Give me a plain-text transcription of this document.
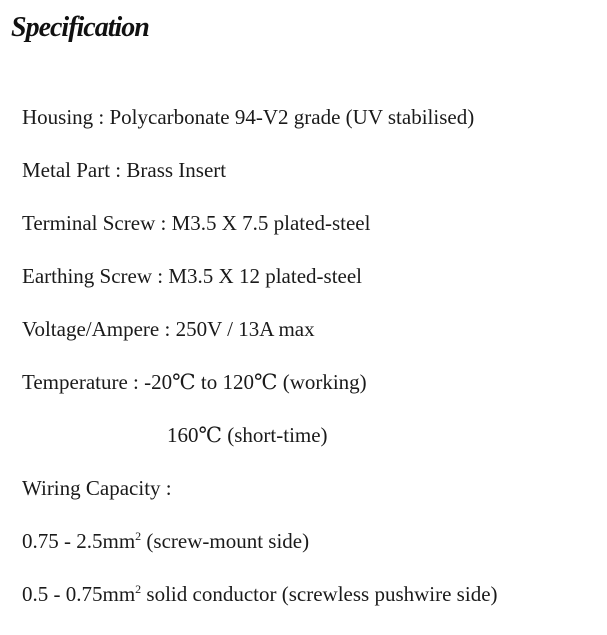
Specification
Housing : Polycarbonate 94-V2 grade (UV stabilised)
Metal Part : Brass Insert
Terminal Screw : M3.5 X 7.5 plated-steel
Earthing Screw : M3.5 X 12 plated-steel
Voltage/Ampere : 250V / 13A max
Temperature : -20℃ to 120℃ (working)
160℃ (short-time)
Wiring Capacity :
$0.75 - 2.5mm^2$ (screw-mount side)
$0.5 - 0.75mm^2$ solid conductor (screwless pushwire side)
